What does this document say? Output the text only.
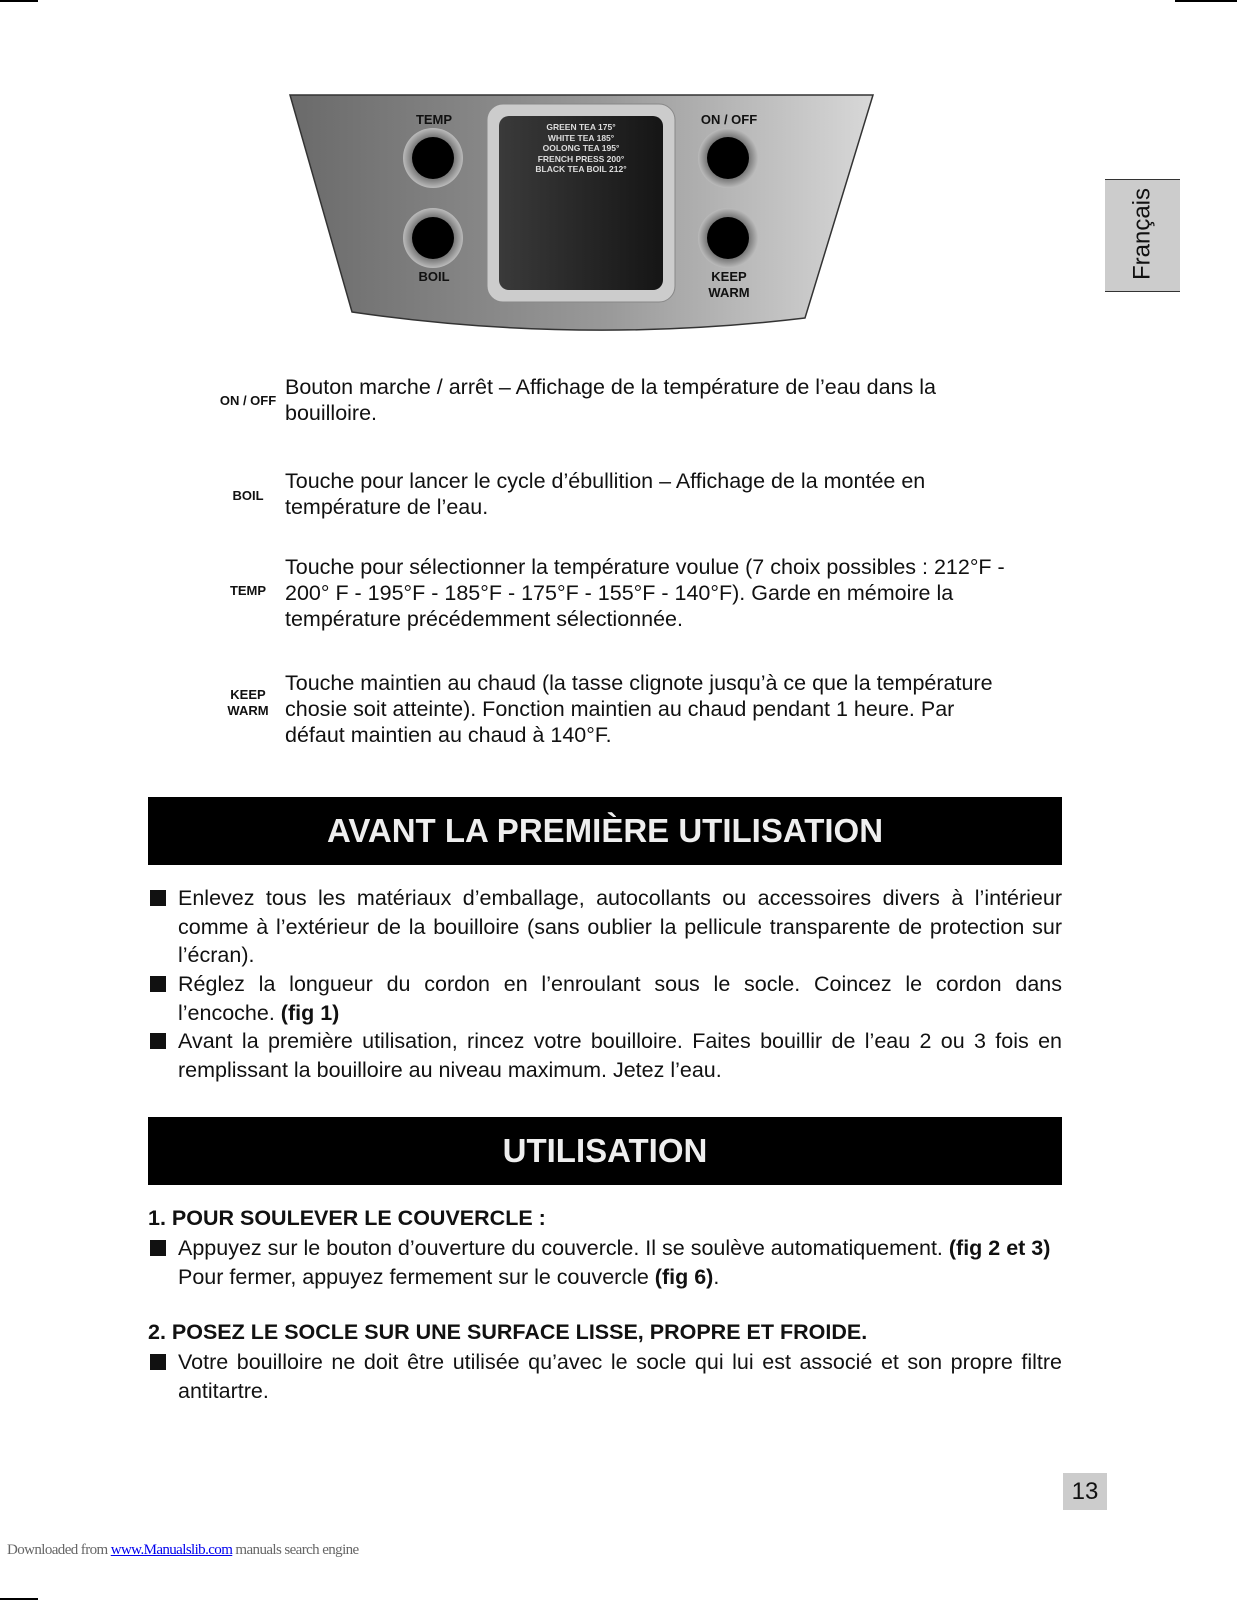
TEMP
BOIL
ON / OFF
KEEP
WARM
GREEN TEA 175°
WHITE TEA 185°
OOLONG TEA 195°
FRENCH PRESS 200°
BLACK TEA BOIL 212°
Français
ON / OFF
Bouton marche / arrêt – Affichage de la température de l’eau dans la bouilloire.
BOIL
Touche pour lancer le cycle d’ébullition – Affichage de la montée en température de l’eau.
TEMP
Touche pour sélectionner la température voulue (7 choix possibles : 212°F - 200° F - 195°F - 185°F - 175°F - 155°F - 140°F). Garde en mémoire la température précédemment sélectionnée.
KEEP
WARM
Touche maintien au chaud (la tasse clignote jusqu’à ce que la température chosie soit atteinte). Fonction maintien au chaud pendant 1 heure. Par défaut maintien au chaud à 140°F.
AVANT LA PREMIÈRE UTILISATION
Enlevez tous les matériaux d’emballage, autocollants ou accessoires divers à l’intérieur comme à l’extérieur de la bouilloire (sans oublier la pellicule transparente de protection sur l’écran).
Réglez la longueur du cordon en l’enroulant sous le socle. Coincez le cordon dans l’encoche. (fig 1)
Avant la première utilisation, rincez votre bouilloire. Faites bouillir de l’eau 2 ou 3 fois en remplissant la bouilloire au niveau maximum. Jetez l’eau.
UTILISATION
1. POUR SOULEVER LE COUVERCLE :
Appuyez sur le bouton d’ouverture du couvercle. Il se soulève automatiquement. (fig 2 et 3)
Pour fermer, appuyez fermement sur le couvercle (fig 6).
2. POSEZ LE SOCLE SUR UNE SURFACE LISSE, PROPRE ET FROIDE.
Votre bouilloire ne doit être utilisée qu’avec le socle qui lui est associé et son propre filtre antitartre.
13
Downloaded from www.Manualslib.com manuals search engine
